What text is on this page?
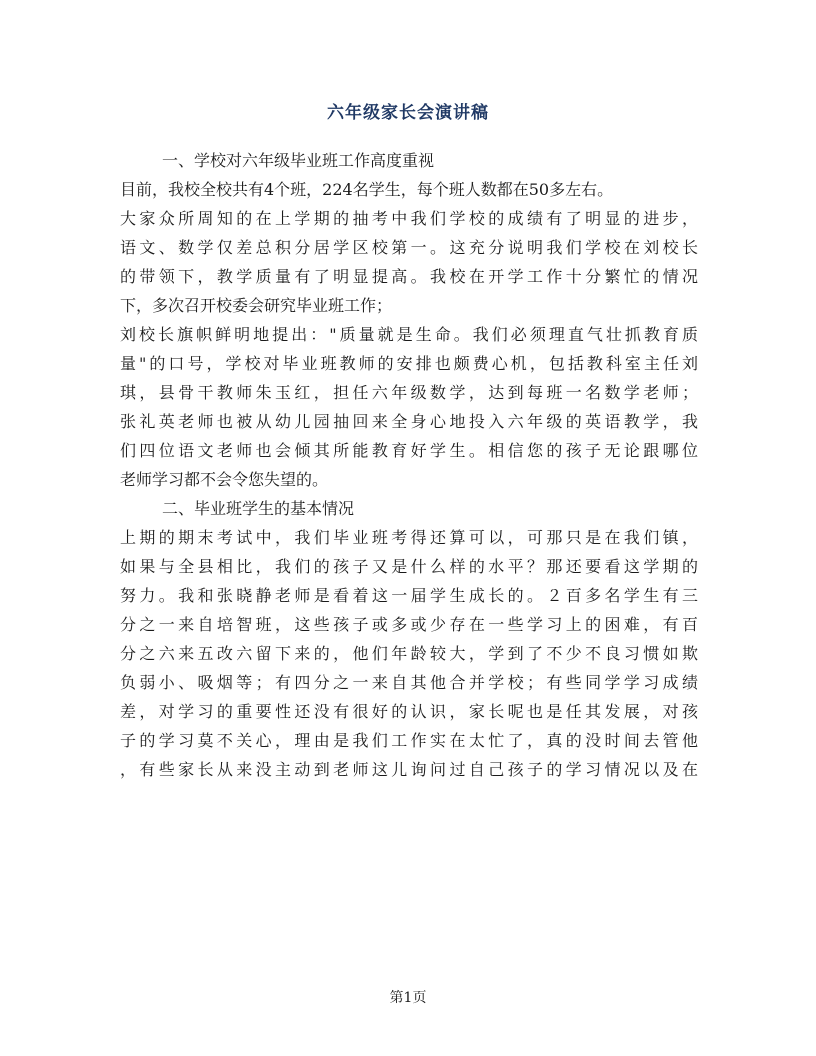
六年级家长会演讲稿
一、学校对六年级毕业班工作高度重视
目前，我校全校共有4个班，224名学生，每个班人数都在50多左右。
大家众所周知的在上学期的抽考中我们学校的成绩有了明显的进步，
语文、数学仅差总积分居学区校第一。这充分说明我们学校在刘校长
的带领下，教学质量有了明显提高。我校在开学工作十分繁忙的情况
下，多次召开校委会研究毕业班工作；
刘校长旗帜鲜明地提出："质量就是生命。我们必须理直气壮抓教育质
量"的口号，学校对毕业班教师的安排也颇费心机，包括教科室主任刘
琪，县骨干教师朱玉红，担任六年级数学，达到每班一名数学老师；
张礼英老师也被从幼儿园抽回来全身心地投入六年级的英语教学，我
们四位语文老师也会倾其所能教育好学生。相信您的孩子无论跟哪位
老师学习都不会令您失望的。
二、毕业班学生的基本情况
上期的期末考试中，我们毕业班考得还算可以，可那只是在我们镇，
如果与全县相比，我们的孩子又是什么样的水平？那还要看这学期的
努力。我和张晓静老师是看着这一届学生成长的。２百多名学生有三
分之一来自培智班，这些孩子或多或少存在一些学习上的困难，有百
分之六来五改六留下来的，他们年龄较大，学到了不少不良习惯如欺
负弱小、吸烟等；有四分之一来自其他合并学校；有些同学学习成绩
差，对学习的重要性还没有很好的认识，家长呢也是任其发展，对孩
子的学习莫不关心，理由是我们工作实在太忙了，真的没时间去管他
，有些家长从来没主动到老师这儿询问过自己孩子的学习情况以及在
第1页
